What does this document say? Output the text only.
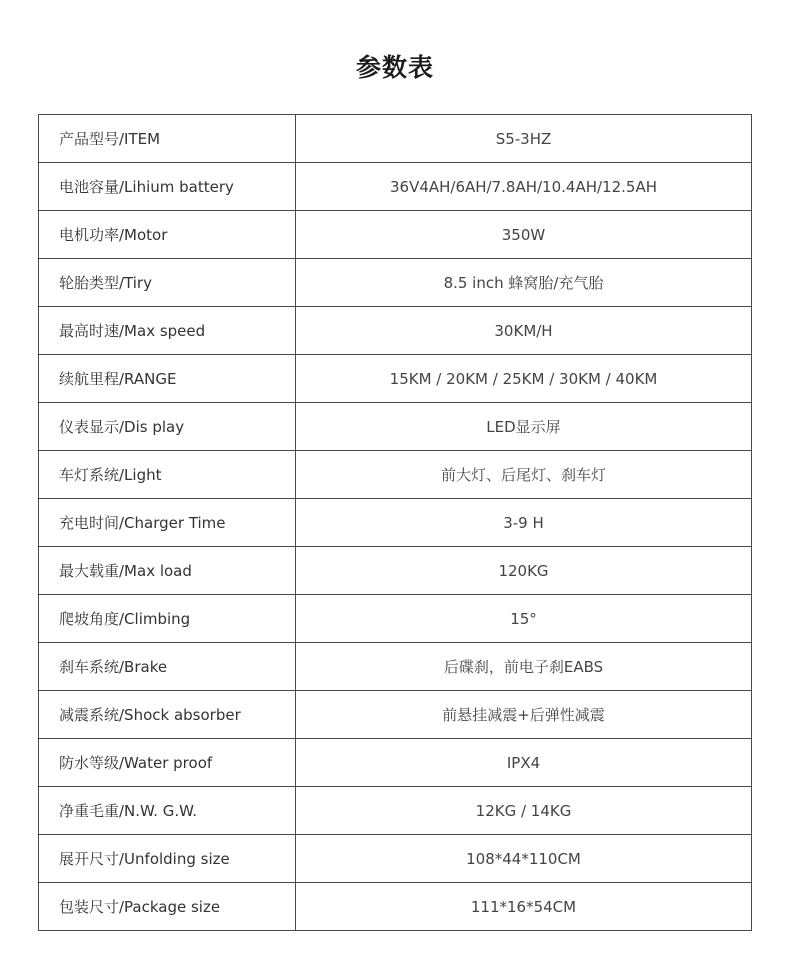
参数表
产品型号/ITEM	S5-3HZ
电池容量/Lihium battery	36V4AH/6AH/7.8AH/10.4AH/12.5AH
电机功率/Motor	350W
轮胎类型/Tiry	8.5 inch 蜂窝胎/充气胎
最高时速/Max speed	30KM/H
续航里程/RANGE	15KM / 20KM / 25KM / 30KM / 40KM
仪表显示/Dis play	LED显示屏
车灯系统/Light	前大灯、后尾灯、刹车灯
充电时间/Charger Time	3-9 H
最大载重/Max load	120KG
爬坡角度/Climbing	15°
刹车系统/Brake	后碟刹，前电子刹EABS
减震系统/Shock absorber	前悬挂减震+后弹性减震
防水等级/Water proof	IPX4
净重毛重/N.W. G.W.	12KG / 14KG
展开尺寸/Unfolding size	108*44*110CM
包装尺寸/Package size	111*16*54CM
